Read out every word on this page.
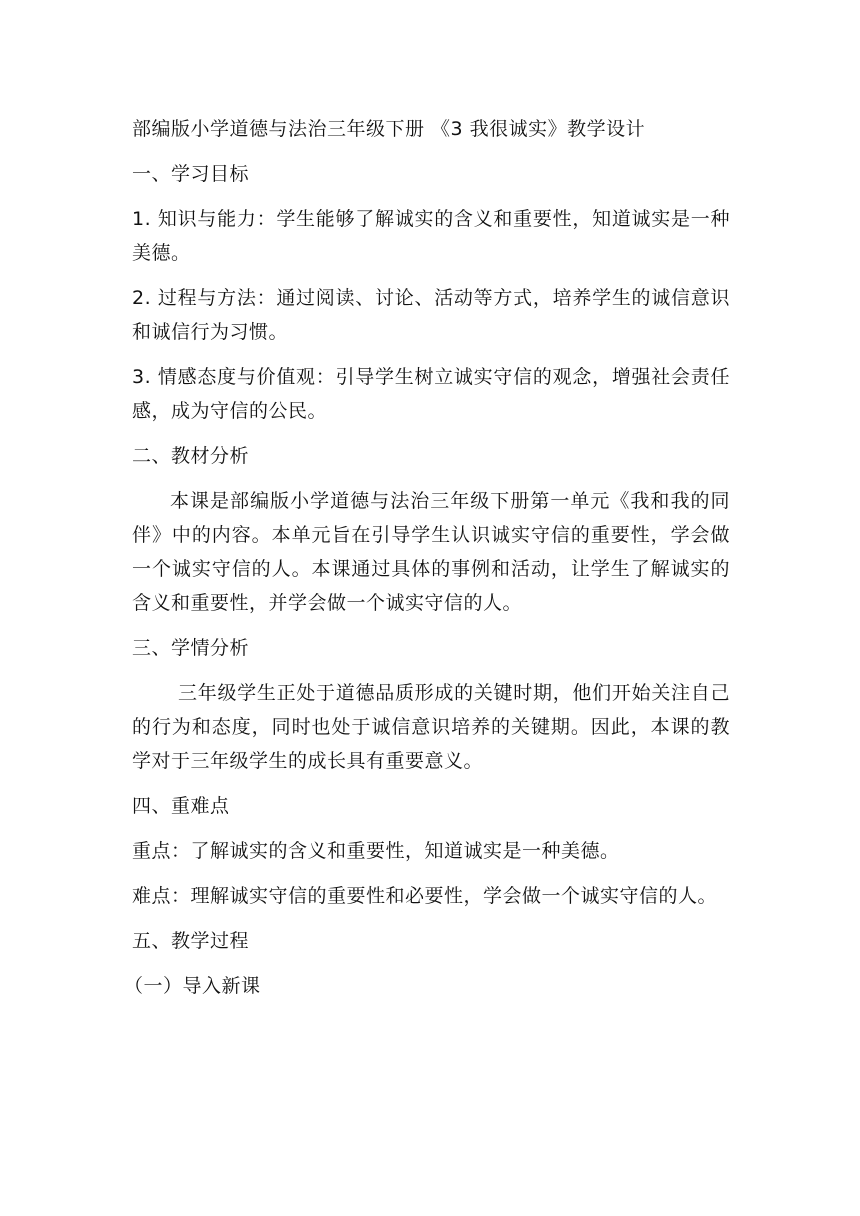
部编版小学道德与法治三年级下册 《3 我很诚实》教学设计
一、学习目标
1. 知识与能力：学生能够了解诚实的含义和重要性，知道诚实是一种美德。
2. 过程与方法：通过阅读、讨论、活动等方式，培养学生的诚信意识和诚信行为习惯。
3. 情感态度与价值观：引导学生树立诚实守信的观念，增强社会责任感，成为守信的公民。
二、教材分析
本课是部编版小学道德与法治三年级下册第一单元《我和我的同伴》中的内容。本单元旨在引导学生认识诚实守信的重要性，学会做一个诚实守信的人。本课通过具体的事例和活动，让学生了解诚实的含义和重要性，并学会做一个诚实守信的人。
三、学情分析
三年级学生正处于道德品质形成的关键时期，他们开始关注自己的行为和态度，同时也处于诚信意识培养的关键期。因此，本课的教学对于三年级学生的成长具有重要意义。
四、重难点
重点：了解诚实的含义和重要性，知道诚实是一种美德。
难点：理解诚实守信的重要性和必要性，学会做一个诚实守信的人。
五、教学过程
（一）导入新课
